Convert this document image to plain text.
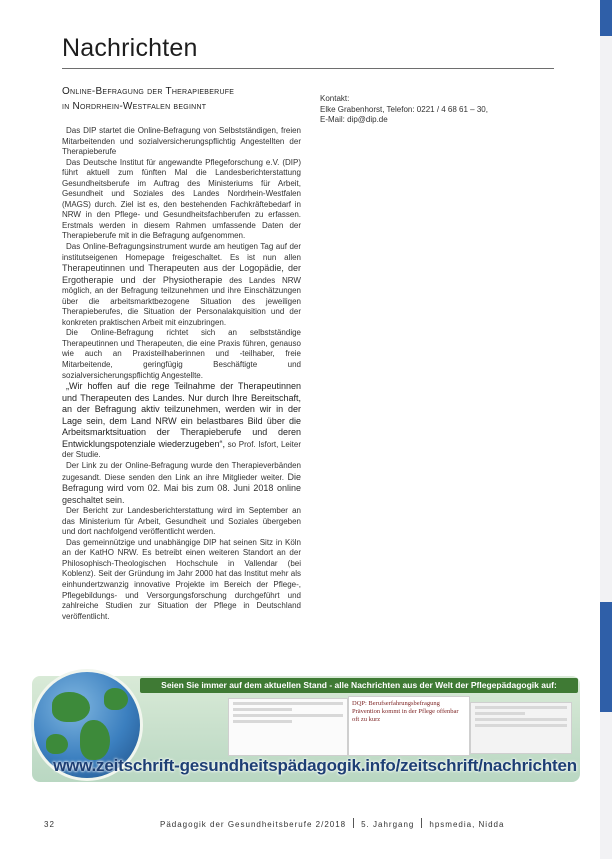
Nachrichten
Online-Befragung der Therapieberufe
in Nordrhein-Westfalen beginnt

Das DIP startet die Online-Befragung von Selbstständigen, freien Mitarbeitenden und sozialversicherungspflichtig Angestellten der Therapieberufe

Das Deutsche Institut für angewandte Pflegeforschung e.V. (DIP) führt aktuell zum fünften Mal die Landesberichterstattung Gesundheitsberufe im Auftrag des Ministeriums für Arbeit, Gesundheit und Soziales des Landes Nordrhein-Westfalen (MAGS) durch. Ziel ist es, den bestehenden Fachkräftebedarf in NRW in den Pflege- und Gesundheitsfachberufen zu erfassen. Erstmals werden in diesem Rahmen umfassende Daten der Therapieberufe mit in die Befragung aufgenommen.

Das Online-Befragungsinstrument wurde am heutigen Tag auf der institutseigenen Homepage freigeschaltet. Es ist nun allen Therapeutinnen und Therapeuten aus der Logopädie, der Ergotherapie und der Physiotherapie des Landes NRW möglich, an der Befragung teilzunehmen und ihre Einschätzungen über die arbeitsmarktbezogene Situation des jeweiligen Therapieberufes, die Situation der Personalakquisition und der konkreten praktischen Arbeit mit einzubringen.

Die Online-Befragung richtet sich an selbstständige Therapeutinnen und Therapeuten, die eine Praxis führen, genauso wie auch an Praxisteilhaberinnen und -teilhaber, freie Mitarbeitende, geringfügig Beschäftigte und sozialversicherungspflichtig Angestellte.

„Wir hoffen auf die rege Teilnahme der Therapeutinnen und Therapeuten des Landes. Nur durch Ihre Bereitschaft, an der Befragung aktiv teilzunehmen, werden wir in der Lage sein, dem Land NRW ein belastbares Bild über die Arbeitsmarktsituation der Therapieberufe und deren Entwicklungspotenziale wiederzugeben“, so Prof. Isfort, Leiter der Studie.

Der Link zu der Online-Befragung wurde den Therapieverbänden zugesandt. Diese senden den Link an ihre Mitglieder weiter. Die Befragung wird vom 02. Mai bis zum 08. Juni 2018 online geschaltet sein.

Der Bericht zur Landesberichterstattung wird im September an das Ministerium für Arbeit, Gesundheit und Soziales übergeben und dort nachfolgend veröffentlicht werden.

Das gemeinnützige und unabhängige DIP hat seinen Sitz in Köln an der KatHO NRW. Es betreibt einen weiteren Standort an der Philosophisch-Theologischen Hochschule in Vallendar (bei Koblenz). Seit der Gründung im Jahr 2000 hat das Institut mehr als einhundertzwanzig innovative Projekte im Bereich der Pflege-, Pflegebildungs- und Versorgungsforschung durchgeführt und zahlreiche Studien zur Situation der Pflege in Deutschland veröffentlicht.

Kontakt:
Elke Grabenhorst, Telefon: 0221 / 4 68 61 – 30,
E-Mail: dip@dip.de
Seien Sie immer auf dem aktuellen Stand - alle Nachrichten aus der Welt der Pflegepädagogik auf:
DQP: Berufserfahrungsbefragung Prävention kommt in der Pflege offenbar oft zu kurz
www.zeitschrift-gesundheitspädagogik.info/zeitschrift/nachrichten
32	Pädagogik der Gesundheitsberufe 2/2018 5. Jahrgang hpsmedia, Nidda
